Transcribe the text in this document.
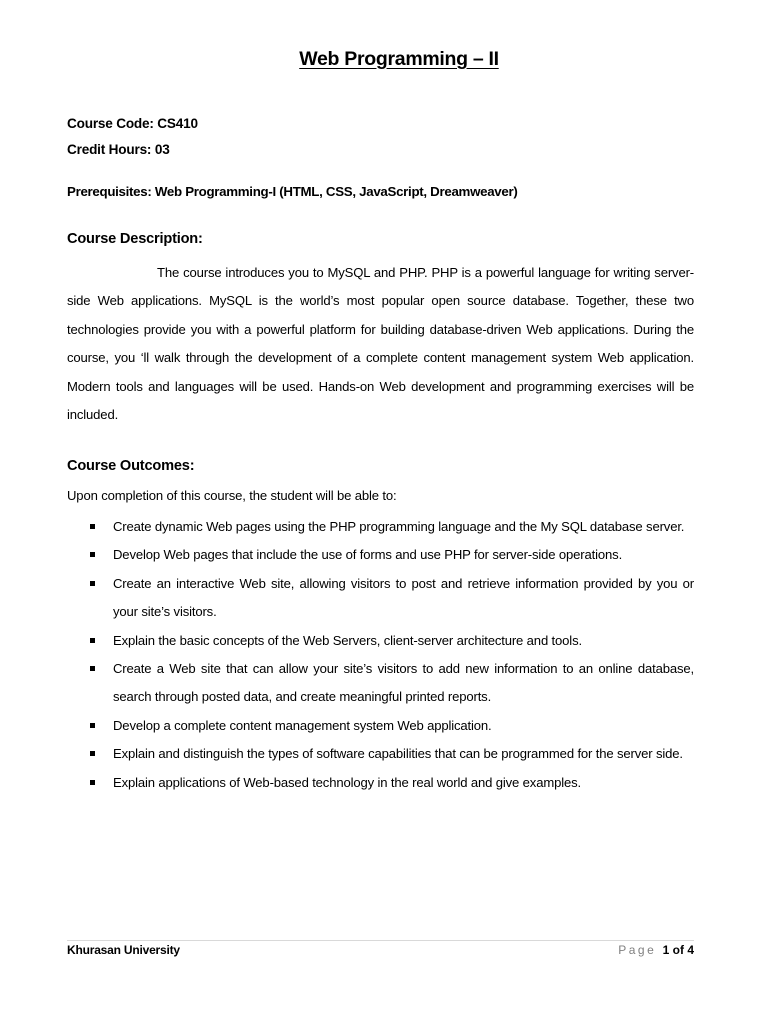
Web Programming – II
Course Code: CS410
Credit Hours: 03
Prerequisites: Web Programming-I (HTML, CSS, JavaScript, Dreamweaver)
Course Description:

The course introduces you to MySQL and PHP. PHP is a powerful language for writing server-side Web applications. MySQL is the world’s most popular open source database. Together, these two technologies provide you with a powerful platform for building database-driven Web applications. During the course, you ‘ll walk through the development of a complete content management system Web application. Modern tools and languages will be used. Hands-on Web development and programming exercises will be included.

Course Outcomes:
Upon completion of this course, the student will be able to:
Create dynamic Web pages using the PHP programming language and the My SQL database server.
Develop Web pages that include the use of forms and use PHP for server-side operations.
Create an interactive Web site, allowing visitors to post and retrieve information provided by you or your site’s visitors.
Explain the basic concepts of the Web Servers, client-server architecture and tools.
Create a Web site that can allow your site’s visitors to add new information to an online database, search through posted data, and create meaningful printed reports.
Develop a complete content management system Web application.
Explain and distinguish the types of software capabilities that can be programmed for the server side.
Explain applications of Web-based technology in the real world and give examples.
Khurasan University	Page 1 of 4
